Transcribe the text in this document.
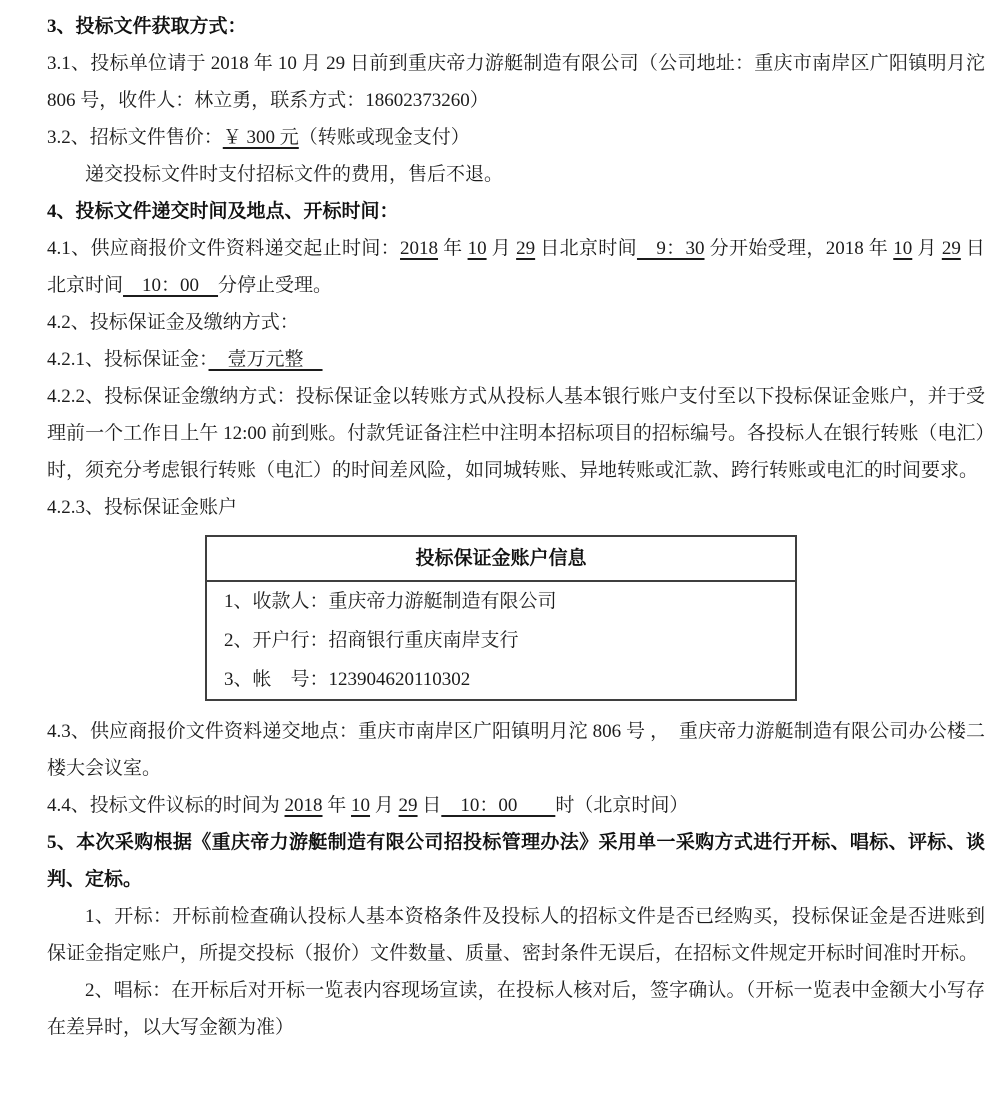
3、投标文件获取方式：

3.1、投标单位请于 2018 年 10 月 29 日前到重庆帝力游艇制造有限公司（公司地址：重庆市南岸区广阳镇明月沱 806 号，收件人：林立勇，联系方式：18602373260）

3.2、招标文件售价：￥ 300 元（转账或现金支付）

递交投标文件时支付招标文件的费用，售后不退。

4、投标文件递交时间及地点、开标时间：

4.1、供应商报价文件资料递交起止时间：2018 年 10 月 29 日北京时间　9：30 分开始受理，2018 年 10 月 29 日北京时间　10：00　分停止受理。

4.2、投标保证金及缴纳方式：

4.2.1、投标保证金：　壹万元整　

4.2.2、投标保证金缴纳方式：投标保证金以转账方式从投标人基本银行账户支付至以下投标保证金账户，并于受理前一个工作日上午 12:00 前到账。付款凭证备注栏中注明本招标项目的招标编号。各投标人在银行转账（电汇）时，须充分考虑银行转账（电汇）的时间差风险，如同城转账、异地转账或汇款、跨行转账或电汇的时间要求。

4.2.3、投标保证金账户

投标保证金账户信息
1、收款人：重庆帝力游艇制造有限公司
2、开户行：招商银行重庆南岸支行
3、帐　号：123904620110302

4.3、供应商报价文件资料递交地点：重庆市南岸区广阳镇明月沱 806 号 ，　重庆帝力游艇制造有限公司办公楼二楼大会议室。

4.4、投标文件议标的时间为 2018 年 10 月 29 日　10：00　　时（北京时间）

5、本次采购根据《重庆帝力游艇制造有限公司招投标管理办法》采用单一采购方式进行开标、唱标、评标、谈判、定标。

1、开标：开标前检查确认投标人基本资格条件及投标人的招标文件是否已经购买，投标保证金是否进账到保证金指定账户，所提交投标（报价）文件数量、质量、密封条件无误后，在招标文件规定开标时间准时开标。

2、唱标：在开标后对开标一览表内容现场宣读，在投标人核对后，签字确认。（开标一览表中金额大小写存在差异时，以大写金额为准）
